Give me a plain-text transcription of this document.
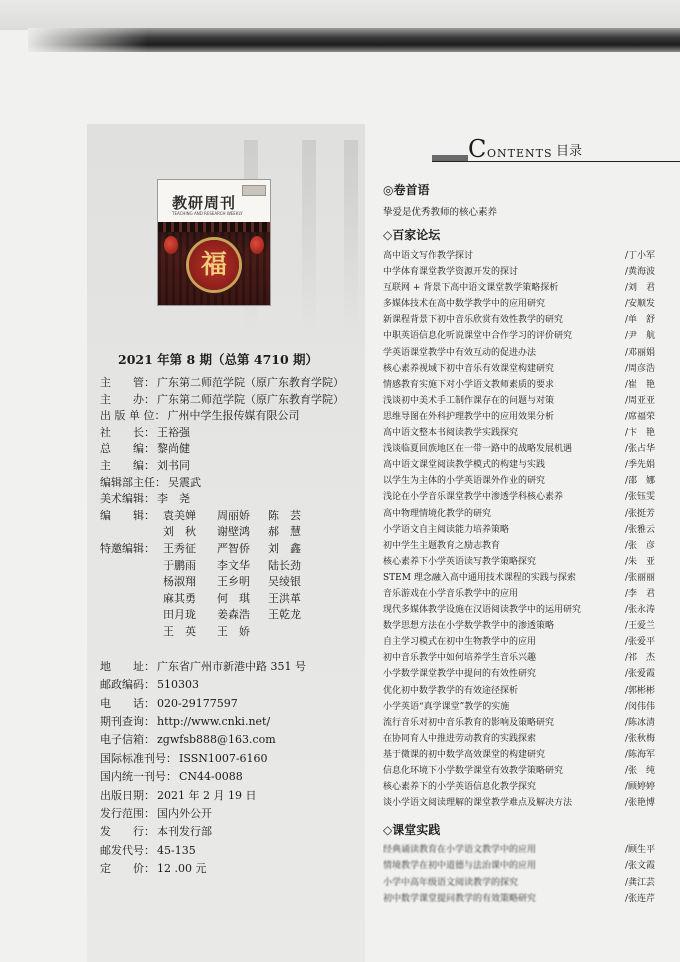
教研周刊
TEACHING AND RESEARCH WEEKLY
福
2021 年第 8 期（总第 4710 期）
主　　管： 广东第二师范学院（原广东教育学院）
主　　办： 广东第二师范学院（原广东教育学院）
出 版 单 位： 广州中学生报传媒有限公司
社　　长： 王裕强
总　　编： 黎尚健
主　　编： 刘书同
编辑部主任： 吴震武
美术编辑： 李　尧
编　　辑： 袁美婵 周丽娇 陈　芸
刘　秋 谢壁鸿 郝　慧
特邀编辑： 王秀征 严智侨 刘　鑫
于鹏雨 李文华 陆长劲
杨淑翔 王乡明 吴绫银
麻其勇 何　琪 王洪革
田月珑 姜森浩 王乾龙
王　英 王　娇
地　　址： 广东省广州市新港中路 351 号
邮政编码： 510303
电　　话： 020-29177597
期刊查询： http://www.cnki.net/
电子信箱： zgwfsb888@163.com
国际标准刊号： ISSN1007-6160
国内统一刊号： CN44-0088
出版日期： 2021 年 2 月 19 日
发行范围： 国内外公开
发　　行： 本刊发行部
邮发代号： 45-135
定　　价： 12 .00 元
C ONTENTS 目录
◎卷首语
挚爱是优秀教师的核心素养
◇百家论坛
高中语文写作教学探讨	/丁小军
中学体育课堂教学资源开发的探讨	/黄海波
互联网 + 背景下高中语文课堂教学策略探析	/刘　君
多媒体技术在高中数学教学中的应用研究	/安顺发
新课程背景下初中音乐欣赏有效性教学的研究	/单　舒
中职英语信息化听说课堂中合作学习的评价研究	/尹　航
学英语课堂教学中有效互动的促进办法	/邓丽娟
核心素养视域下初中音乐有效课堂构建研究	/周彦浩
情感教育实施下对小学语文教师素质的要求	/崔　艳
浅谈初中美术手工制作课存在的问题与对策	/周亚亚
思维导图在外科护理教学中的应用效果分析	/席福荣
高中语文整本书阅读教学实践探究	/卞　艳
浅谈临夏回族地区在一带一路中的战略发展机遇	/张占华
高中语文课堂阅读教学模式的构建与实践	/季先娟
以学生为主体的小学英语课外作业的研究	/邵　娜
浅论在小学音乐课堂教学中渗透学科核心素养	/张钰雯
高中物理情境化教学的研究	/张挺芳
小学语文自主阅读能力培养策略	/张雅云
初中学生主题教育之励志教育	/张　彦
核心素养下小学英语读写教学策略探究	/朱　亚
STEM 理念融入高中通用技术课程的实践与探索	/张丽丽
音乐游戏在小学音乐教学中的应用	/李　君
现代多媒体教学设施在汉语阅读教学中的运用研究	/张永涛
数学思想方法在小学数学教学中的渗透策略	/王爱兰
自主学习模式在初中生物教学中的应用	/张爱平
初中音乐教学中如何培养学生音乐兴趣	/祁　杰
小学数学课堂教学中提问的有效性研究	/张爱霞
优化初中数学教学的有效途径探析	/郭彬彬
小学英语“真学课堂”教学的实施	/闵伟伟
流行音乐对初中音乐教育的影响及策略研究	/陈冰清
在协同育人中推进劳动教育的实践探索	/张秋梅
基于微课的初中数学高效课堂的构建研究	/陈海军
信息化环境下小学数学课堂有效教学策略研究	/张　纯
核心素养下的小学英语信息化教学探究	/顾婷婷
谈小学语文阅读理解的课堂教学难点及解决方法	/张艳博
◇课堂实践
经典诵读教育在小学语文教学中的应用	/顾生平
情境教学在初中道德与法治课中的应用	/张文霞
小学中高年级语文阅读教学的探究	/龚江芸
初中数学课堂提问教学的有效策略研究	/张连芹
